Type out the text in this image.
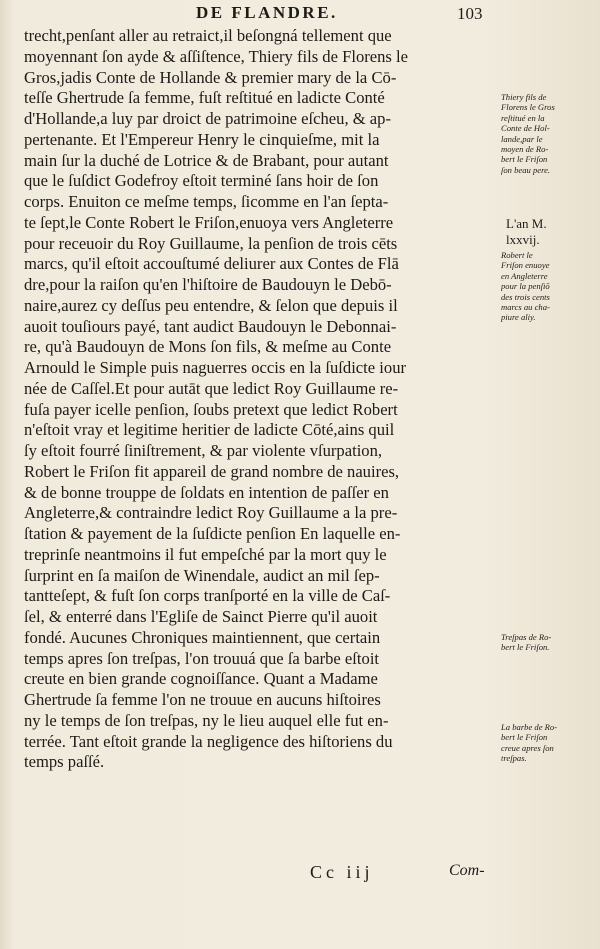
DE FLANDRE.	103
trecht,penſant aller au retraict,il beſongná tellement que
moyennant ſon ayde & aſſiſtence, Thiery fils de Florens le
Gros,jadis Conte de Hollande & premier mary de la Cō-
teſſe Ghertrude ſa femme, fuſt reſtitué en ladicte Conté
d'Hollande,a luy par droict de patrimoine eſcheu, & ap-
pertenante. Et l'Empereur Henry le cinquieſme, mit la
main ſur la duché de Lotrice & de Brabant, pour autant
que le ſuſdict Godefroy eſtoit terminé ſans hoir de ſon
corps. Enuiton ce meſme temps, ſicomme en l'an ſepta-
te ſept,le Conte Robert le Friſon,enuoya vers Angleterre
pour receuoir du Roy Guillaume, la penſion de trois cēts
marcs, qu'il eſtoit accouſtumé deliurer aux Contes de Flā
dre,pour la raiſon qu'en l'hiſtoire de Baudouyn le Debō-
naire,aurez cy deſſus peu entendre, & ſelon que depuis il
auoit touſiours payé, tant audict Baudouyn le Debonnai-
re, qu'à Baudouyn de Mons ſon fils, & meſme au Conte
Arnould le Simple puis naguerres occis en la ſuſdicte iour
née de Caſſel.Et pour autāt que ledict Roy Guillaume re-
fuſa payer icelle penſion, ſoubs pretext que ledict Robert
n'eſtoit vray et legitime heritier de ladicte Cōté,ains quil
ſy eſtoit fourré ſiniſtrement, & par violente vſurpation,
Robert le Friſon fit appareil de grand nombre de nauires,
& de bonne trouppe de ſoldats en intention de paſſer en
Angleterre,& contraindre ledict Roy Guillaume a la pre-
ſtation & payement de la ſuſdicte penſion En laquelle en-
treprinſe neantmoins il fut empeſché par la mort quy le
ſurprint en ſa maiſon de Winendale, audict an mil ſep-
tantteſept, & fuſt ſon corps tranſporté en la ville de Caſ-
ſel, & enterré dans l'Egliſe de Sainct Pierre qu'il auoit
fondé. Aucunes Chroniques maintiennent, que certain
temps apres ſon treſpas, l'on trouuá que ſa barbe eſtoit
creute en bien grande cognoiſſance. Quant a Madame
Ghertrude ſa femme l'on ne trouue en aucuns hiſtoires
ny le temps de ſon treſpas, ny le lieu auquel elle fut en-
terrée. Tant eſtoit grande la negligence des hiſtoriens du
temps paſſé.
Thiery fils de
Florens le Gros
reſtitué en la
Conte de Hol-
lande,par le
moyen de Ro-
bert le Friſon
ſon beau pere.
L'an M.
lxxvij.
Robert le
Friſon enuoye
en Angleterre
pour la penſiō
des trois cents
marcs au cha-
piure aliy.
Treſpas de Ro-
bert le Friſon.
La barbe de Ro-
bert le Friſon
creue apres ſon
treſpas.
Cc iij	Com-
